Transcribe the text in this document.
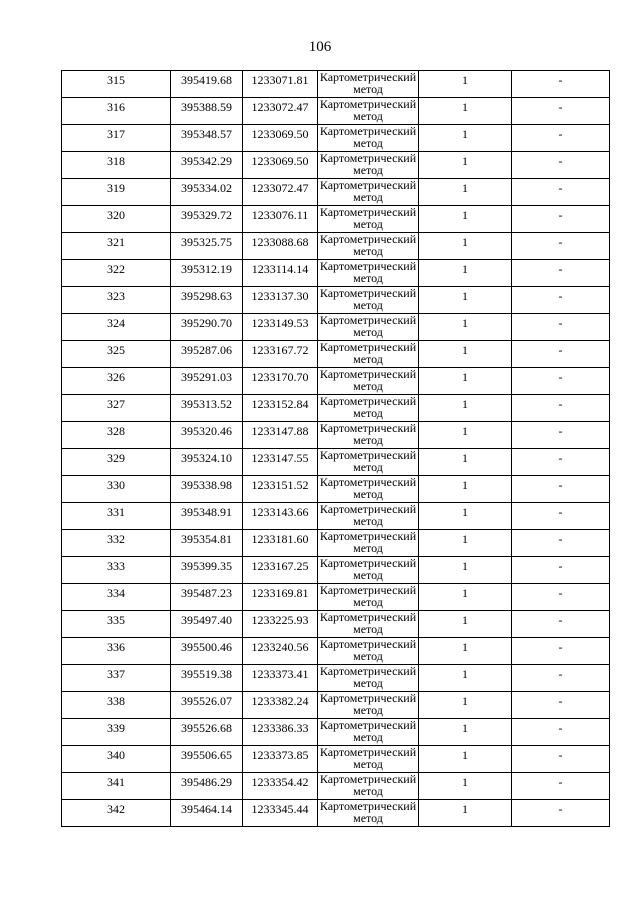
106
315	395419.68	1233071.81	Картометрический метод	1	-
316	395388.59	1233072.47	Картометрический метод	1	-
317	395348.57	1233069.50	Картометрический метод	1	-
318	395342.29	1233069.50	Картометрический метод	1	-
319	395334.02	1233072.47	Картометрический метод	1	-
320	395329.72	1233076.11	Картометрический метод	1	-
321	395325.75	1233088.68	Картометрический метод	1	-
322	395312.19	1233114.14	Картометрический метод	1	-
323	395298.63	1233137.30	Картометрический метод	1	-
324	395290.70	1233149.53	Картометрический метод	1	-
325	395287.06	1233167.72	Картометрический метод	1	-
326	395291.03	1233170.70	Картометрический метод	1	-
327	395313.52	1233152.84	Картометрический метод	1	-
328	395320.46	1233147.88	Картометрический метод	1	-
329	395324.10	1233147.55	Картометрический метод	1	-
330	395338.98	1233151.52	Картометрический метод	1	-
331	395348.91	1233143.66	Картометрический метод	1	-
332	395354.81	1233181.60	Картометрический метод	1	-
333	395399.35	1233167.25	Картометрический метод	1	-
334	395487.23	1233169.81	Картометрический метод	1	-
335	395497.40	1233225.93	Картометрический метод	1	-
336	395500.46	1233240.56	Картометрический метод	1	-
337	395519.38	1233373.41	Картометрический метод	1	-
338	395526.07	1233382.24	Картометрический метод	1	-
339	395526.68	1233386.33	Картометрический метод	1	-
340	395506.65	1233373.85	Картометрический метод	1	-
341	395486.29	1233354.42	Картометрический метод	1	-
342	395464.14	1233345.44	Картометрический метод	1	-
